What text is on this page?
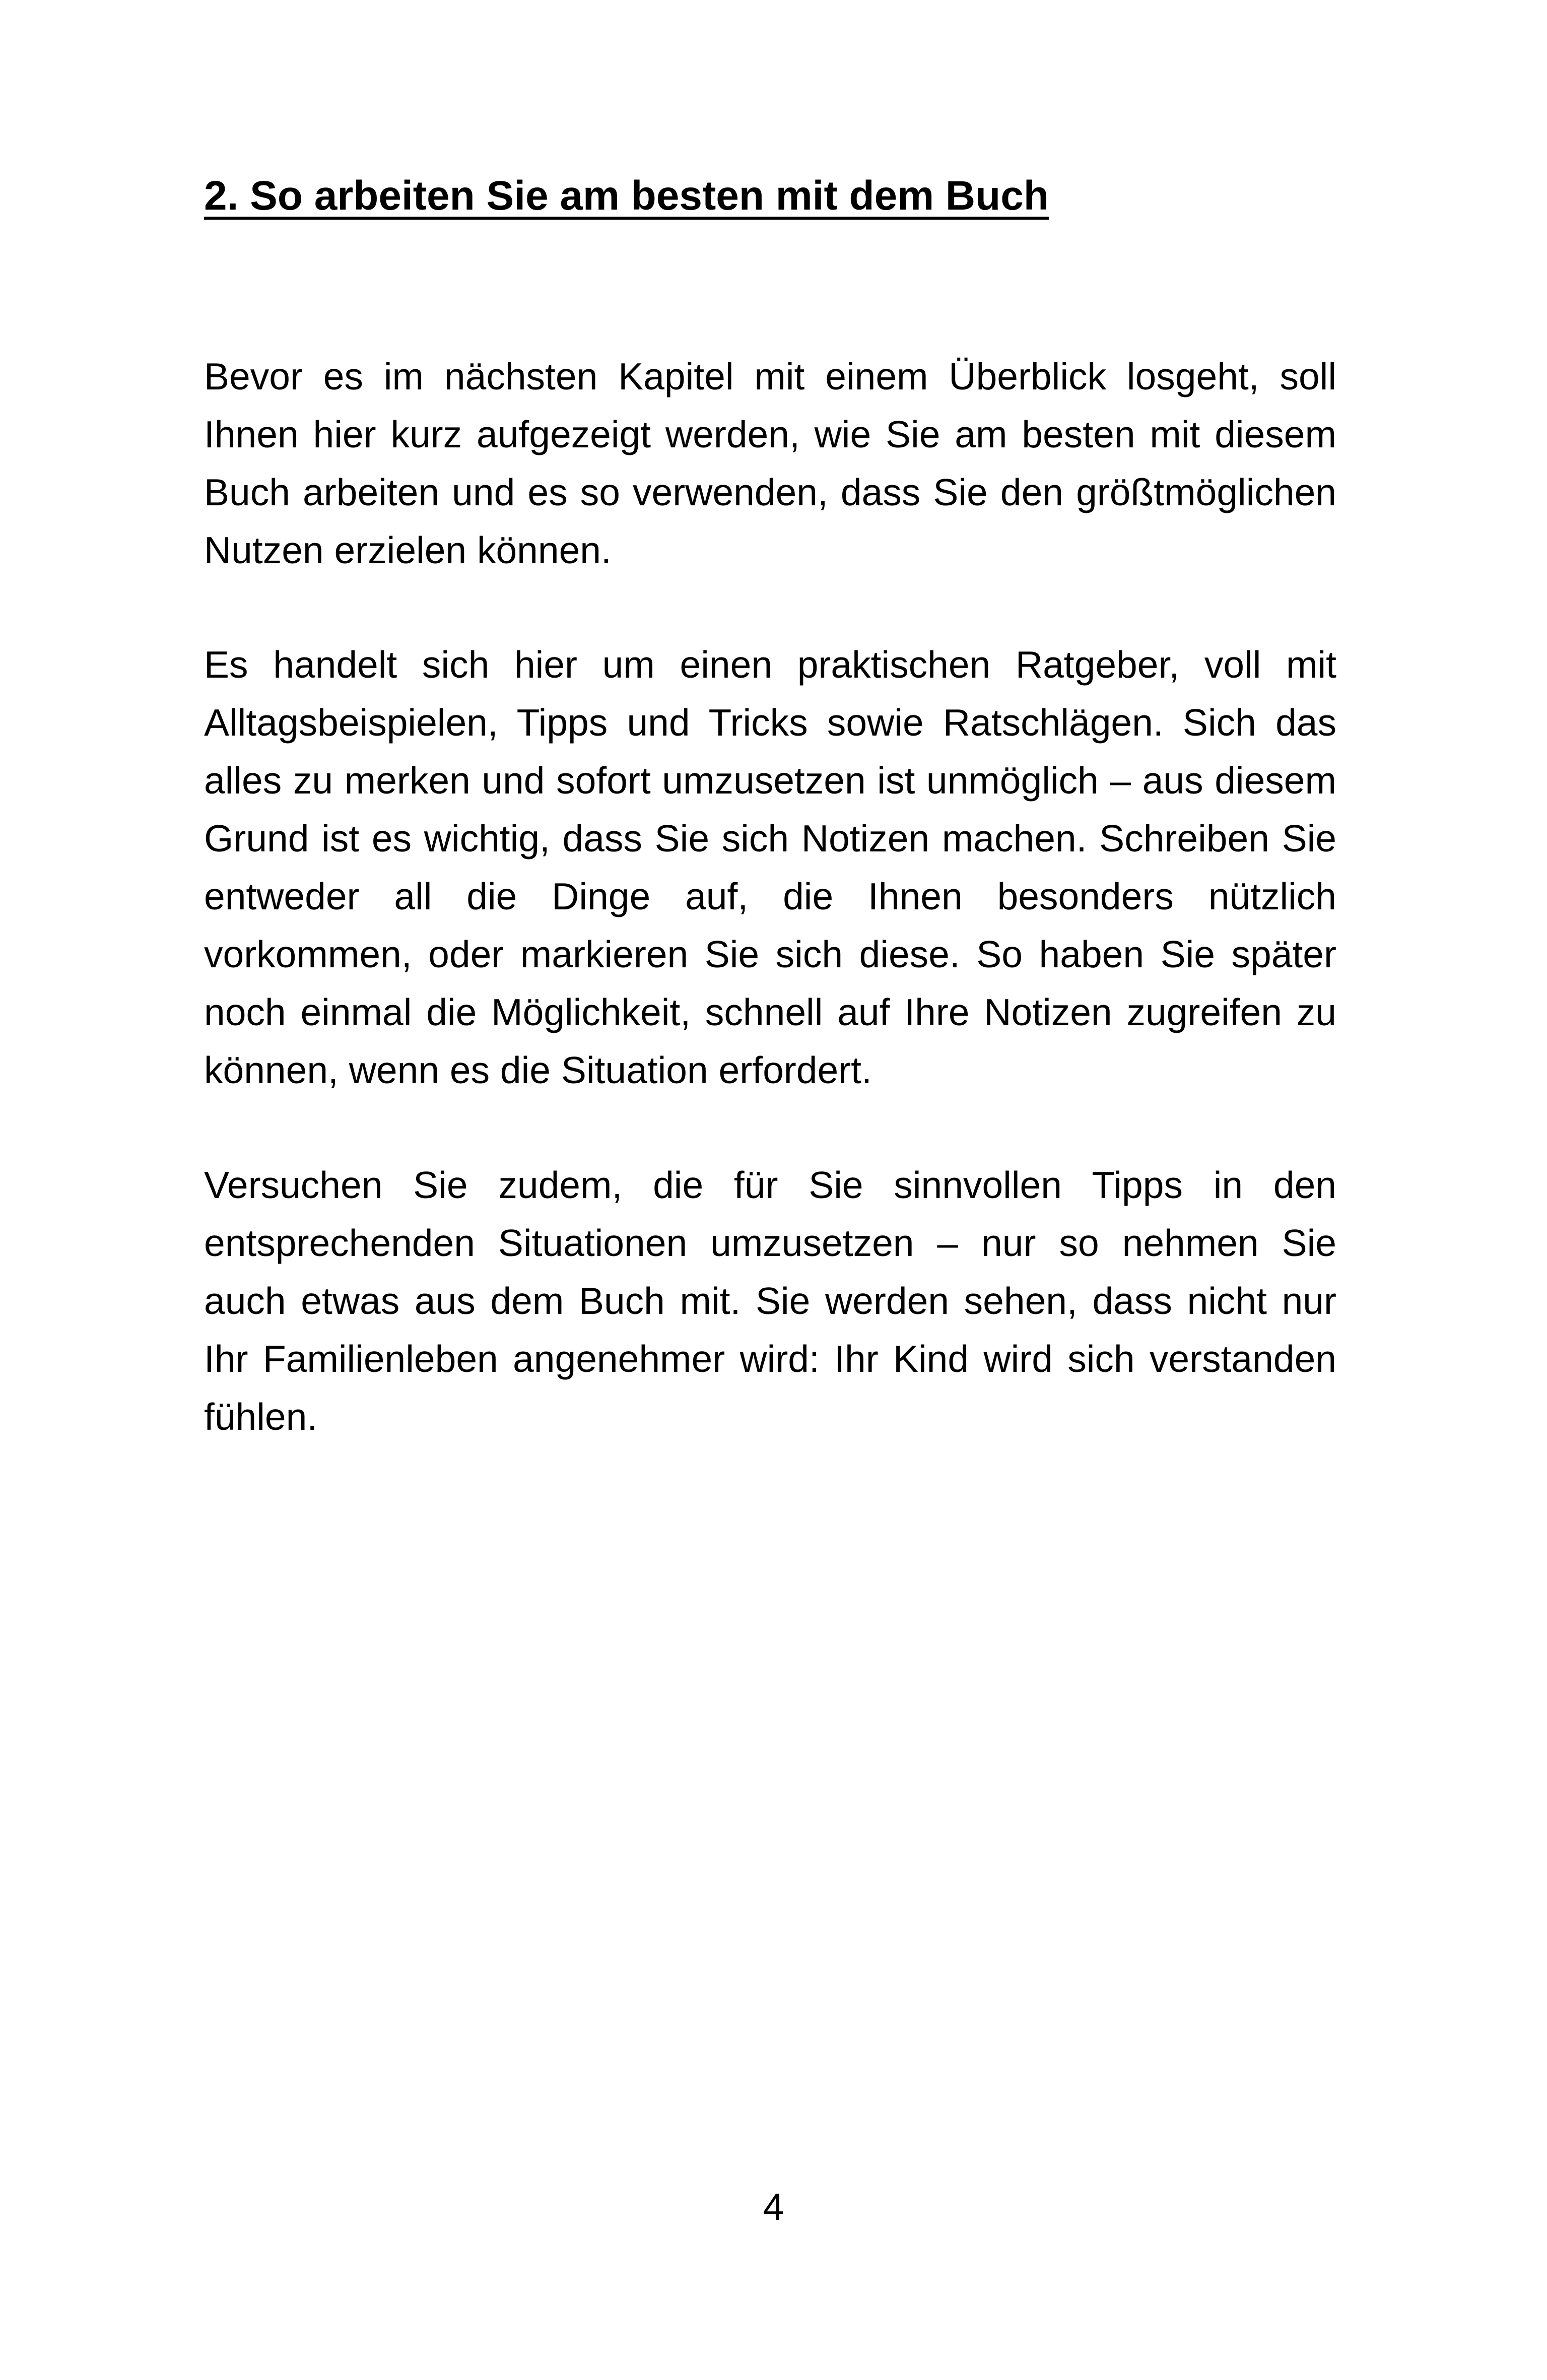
2. So arbeiten Sie am besten mit dem Buch

Bevor es im nächsten Kapitel mit einem Überblick losgeht, soll Ihnen hier kurz aufgezeigt werden, wie Sie am besten mit diesem Buch arbeiten und es so verwenden, dass Sie den größtmöglichen Nutzen erzielen können.

Es handelt sich hier um einen praktischen Ratgeber, voll mit Alltagsbeispielen, Tipps und Tricks sowie Ratschlägen. Sich das alles zu merken und sofort umzusetzen ist unmöglich – aus diesem Grund ist es wichtig, dass Sie sich Notizen machen. Schreiben Sie entweder all die Dinge auf, die Ihnen besonders nützlich vorkommen, oder markieren Sie sich diese. So haben Sie später noch einmal die Möglichkeit, schnell auf Ihre Notizen zugreifen zu können, wenn es die Situation erfordert.

Versuchen Sie zudem, die für Sie sinnvollen Tipps in den entsprechenden Situationen umzusetzen – nur so nehmen Sie auch etwas aus dem Buch mit. Sie werden sehen, dass nicht nur Ihr Familienleben angenehmer wird: Ihr Kind wird sich verstanden fühlen.

4
